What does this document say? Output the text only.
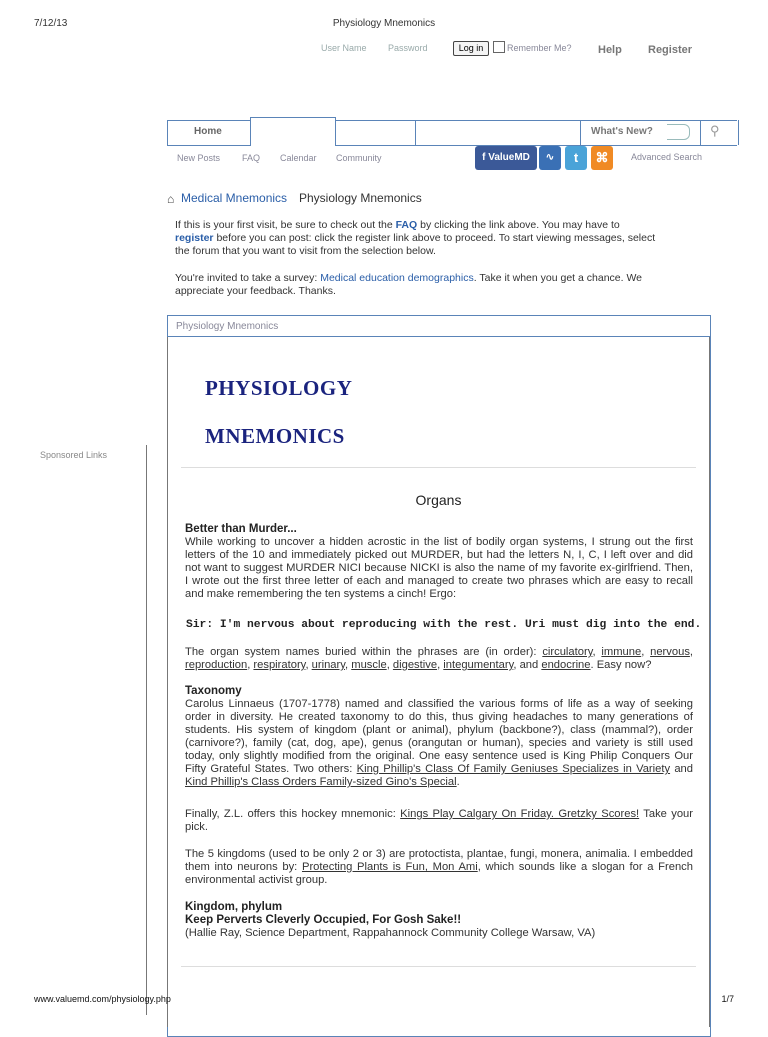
7/12/13	Physiology Mnemonics
User Name Password	Log in	Remember Me? Help Register
Home	What's New?	⚲
New Posts FAQ Calendar Community	f ValueMD	∿	t	⌘	Advanced Search
⌂ Medical Mnemonics Physiology Mnemonics
If this is your first visit, be sure to check out the FAQ by clicking the link above. You may have to
register before you can post: click the register link above to proceed. To start viewing messages, select
the forum that you want to visit from the selection below.
You're invited to take a survey: Medical education demographics. Take it when you get a chance. We
appreciate your feedback. Thanks.
Sponsored Links
Physiology Mnemonics
PHYSIOLOGY
MNEMONICS
Organs
Better than Murder...
While working to uncover a hidden acrostic in the list of bodily organ systems, I strung out the first letters of the 10 and immediately picked out MURDER, but had the letters N, I, C, I left over and did not want to suggest MURDER NICI because NICKI is also the name of my favorite ex-girlfriend. Then, I wrote out the first three letter of each and managed to create two phrases which are easy to recall and make remembering the ten systems a cinch! Ergo:
Sir: I'm nervous about reproducing with the rest. Uri must dig into the end.
The organ system names buried within the phrases are (in order): circulatory, immune, nervous, reproduction, respiratory, urinary, muscle, digestive, integumentary, and endocrine. Easy now?
Taxonomy
Carolus Linnaeus (1707-1778) named and classified the various forms of life as a way of seeking order in diversity. He created taxonomy to do this, thus giving headaches to many generations of students. His system of kingdom (plant or animal), phylum (backbone?), class (mammal?), order (carnivore?), family (cat, dog, ape), genus (orangutan or human), species and variety is still used today, only slightly modified from the original. One easy sentence used is King Philip Conquers Our Fifty Grateful States. Two others: King Phillip's Class Of Family Geniuses Specializes in Variety and Kind Phillip's Class Orders Family-sized Gino's Special.
Finally, Z.L. offers this hockey mnemonic: Kings Play Calgary On Friday. Gretzky Scores! Take your pick.
The 5 kingdoms (used to be only 2 or 3) are protoctista, plantae, fungi, monera, animalia. I embedded them into neurons by: Protecting Plants is Fun, Mon Ami, which sounds like a slogan for a French environmental activist group.
Kingdom, phylum
Keep Perverts Cleverly Occupied, For Gosh Sake!!
(Hallie Ray, Science Department, Rappahannock Community College Warsaw, VA)
www.valuemd.com/physiology.php	1/7
